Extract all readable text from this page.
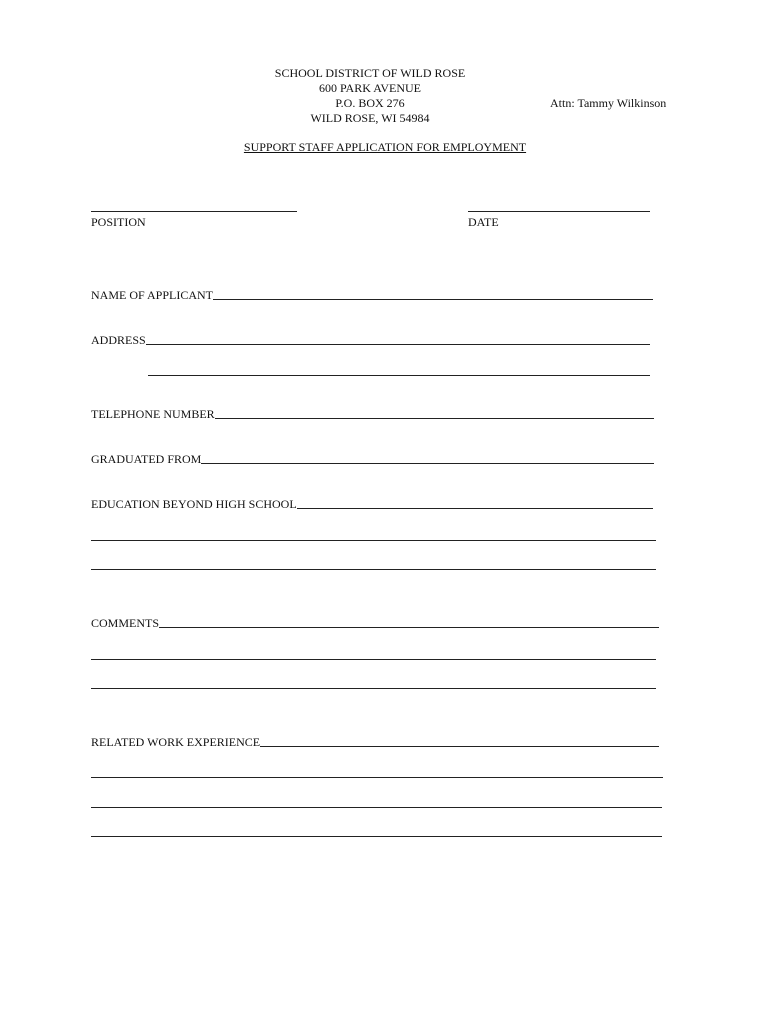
SCHOOL DISTRICT OF WILD ROSE
600 PARK AVENUE
P.O. BOX 276
WILD ROSE, WI 54984
Attn: Tammy Wilkinson
SUPPORT STAFF APPLICATION FOR EMPLOYMENT
POSITION	DATE
NAME OF APPLICANT
ADDRESS
TELEPHONE NUMBER
GRADUATED FROM
EDUCATION BEYOND HIGH SCHOOL
COMMENTS
RELATED WORK EXPERIENCE
